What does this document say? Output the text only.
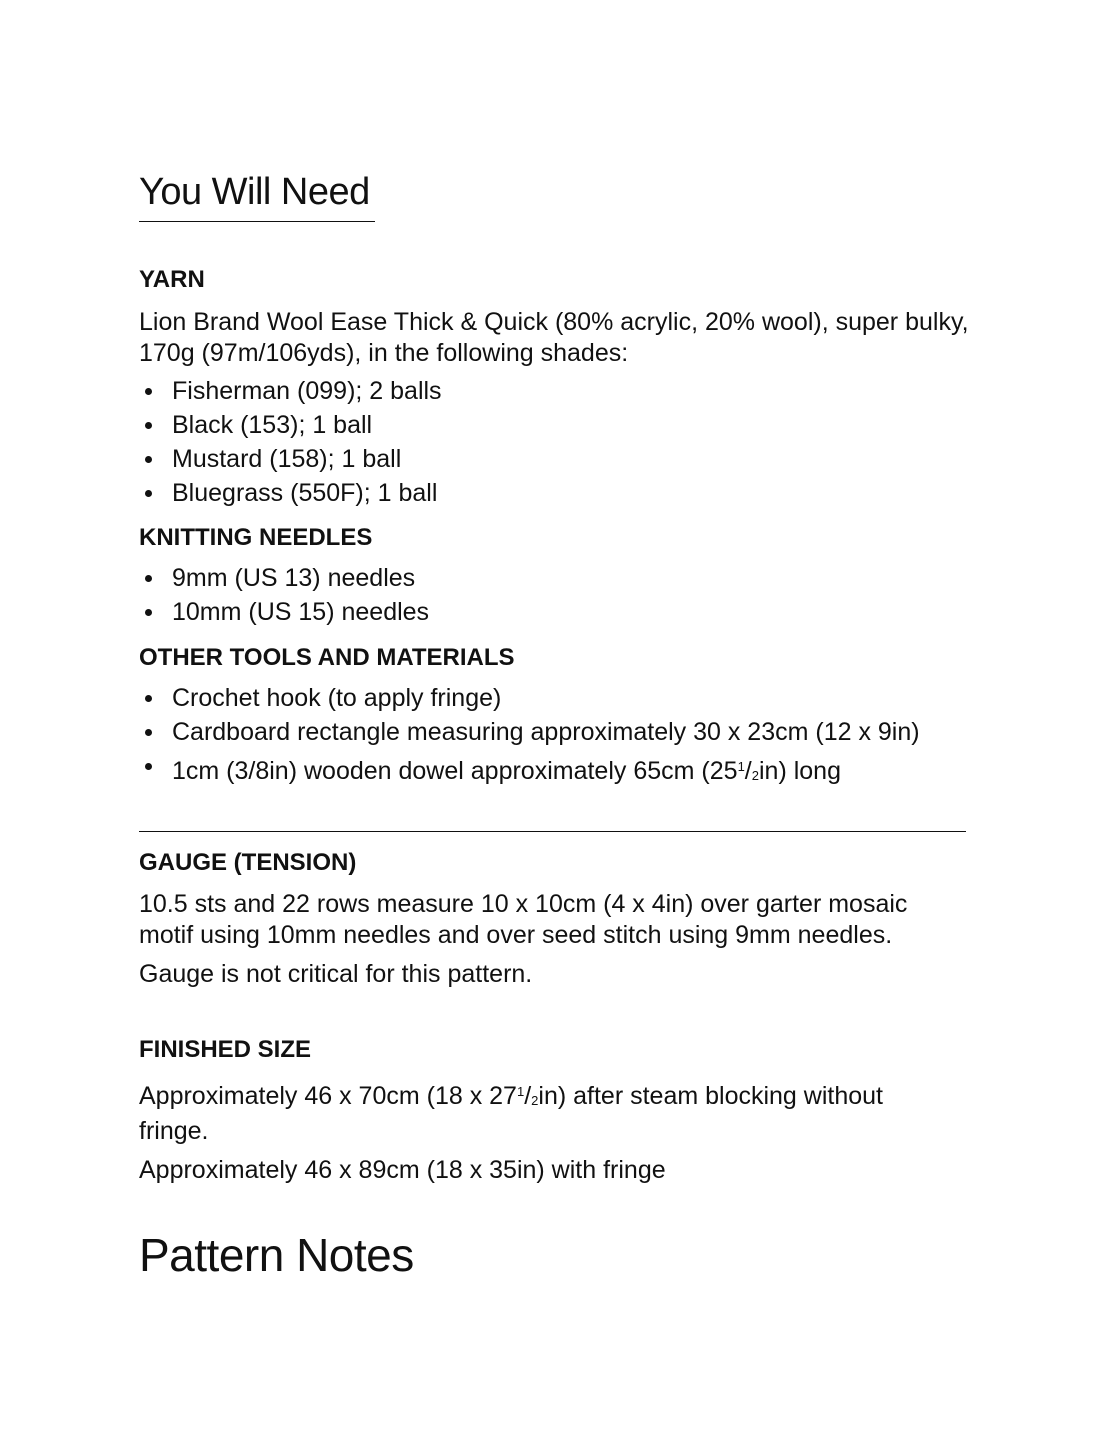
You Will Need
YARN

Lion Brand Wool Ease Thick & Quick (80% acrylic, 20% wool), super bulky, 170g (97m/106yds), in the following shades:

Fisherman (099); 2 balls
Black (153); 1 ball
Mustard (158); 1 ball
Bluegrass (550F); 1 ball
KNITTING NEEDLES
9mm (US 13) needles
10mm (US 15) needles
OTHER TOOLS AND MATERIALS
Crochet hook (to apply fringe)
Cardboard rectangle measuring approximately 30 x 23cm (12 x 9in)
1cm (3/8in) wooden dowel approximately 65cm $(25^1/2in)$ long
GAUGE (TENSION)

10.5 sts and 22 rows measure 10 x 10cm (4 x 4in) over garter mosaic motif using 10mm needles and over seed stitch using 9mm needles.

Gauge is not critical for this pattern.

FINISHED SIZE

Approximately 46 x 70cm (18 x $27^1/2in$) after steam blocking without fringe.

Approximately 46 x 89cm (18 x 35in) with fringe

Pattern Notes
